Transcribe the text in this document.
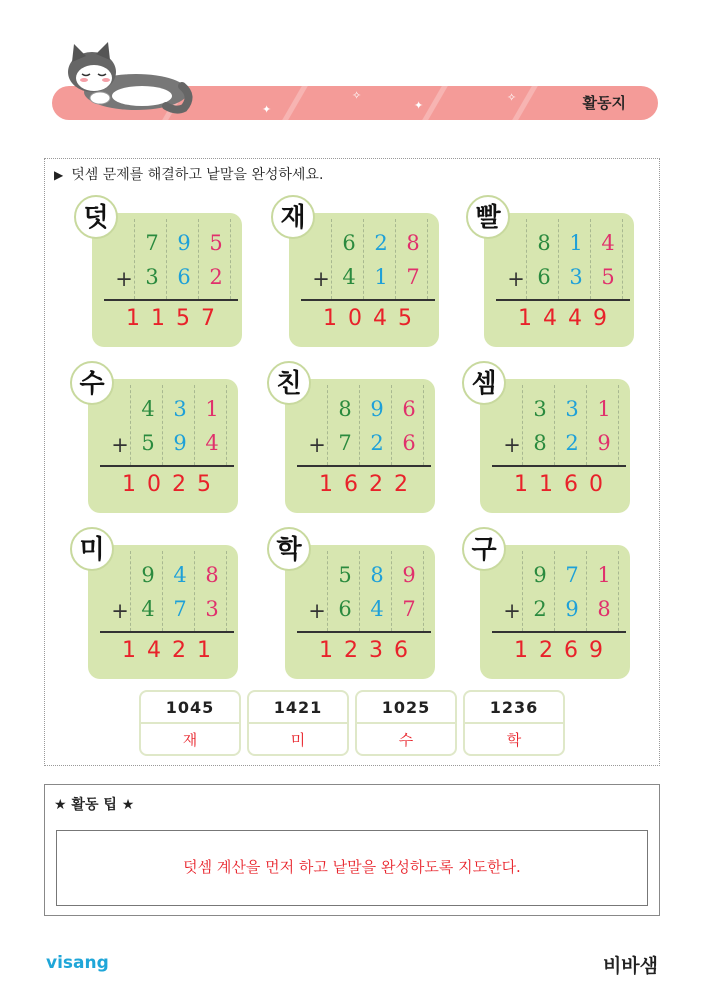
✦
✧
✦
✧	활동지
▶ 덧셈 문제를 해결하고 낱말을 완성하세요.
7 9 5
3 6 2
+
1157
덧
6 2 8
4 1 7
+
1045
재
8 1 4
6 3 5
+
1449
빨
4 3 1
5 9 4
+
1025
수
8 9 6
7 2 6
+
1622
친
3 3 1
8 2 9
+
1160
셈
9 4 8
4 7 3
+
1421
미
5 8 9
6 4 7
+
1236
학
9 7 1
2 9 8
+
1269
구
1045
재
1421
미
1025
수
1236
학
★ 활동 팁 ★
덧셈 계산을 먼저 하고 낱말을 완성하도록 지도한다.
visang	비바샘
